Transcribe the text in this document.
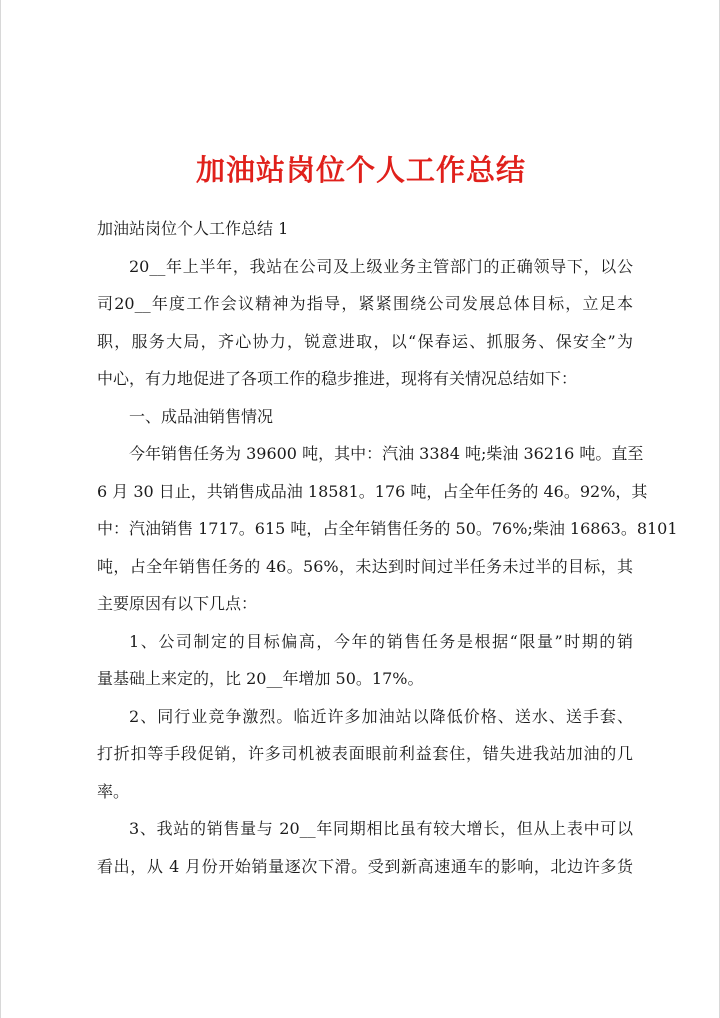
加油站岗位个人工作总结

加油站岗位个人工作总结 1

20__年上半年，我站在公司及上级业务主管部门的正确领导下，以公
司20__年度工作会议精神为指导，紧紧围绕公司发展总体目标，立足本
职，服务大局，齐心协力，锐意进取，以“保春运、抓服务、保安全”为
中心，有力地促进了各项工作的稳步推进，现将有关情况总结如下：

一、成品油销售情况

今年销售任务为 39600 吨，其中：汽油 3384 吨;柴油 36216 吨。直至
6 月 30 日止，共销售成品油 18581。176 吨，占全年任务的 46。92%，其
中：汽油销售 1717。615 吨，占全年销售任务的 50。76%;柴油 16863。8101
吨，占全年销售任务的 46。56%，未达到时间过半任务未过半的目标，其
主要原因有以下几点：

1、公司制定的目标偏高，今年的销售任务是根据“限量”时期的销
量基础上来定的，比 20__年增加 50。17%。

2、同行业竞争激烈。临近许多加油站以降低价格、送水、送手套、
打折扣等手段促销，许多司机被表面眼前利益套住，错失进我站加油的几
率。

3、我站的销售量与 20__年同期相比虽有较大增长，但从上表中可以
看出，从 4 月份开始销量逐次下滑。受到新高速通车的影响，北边许多货
